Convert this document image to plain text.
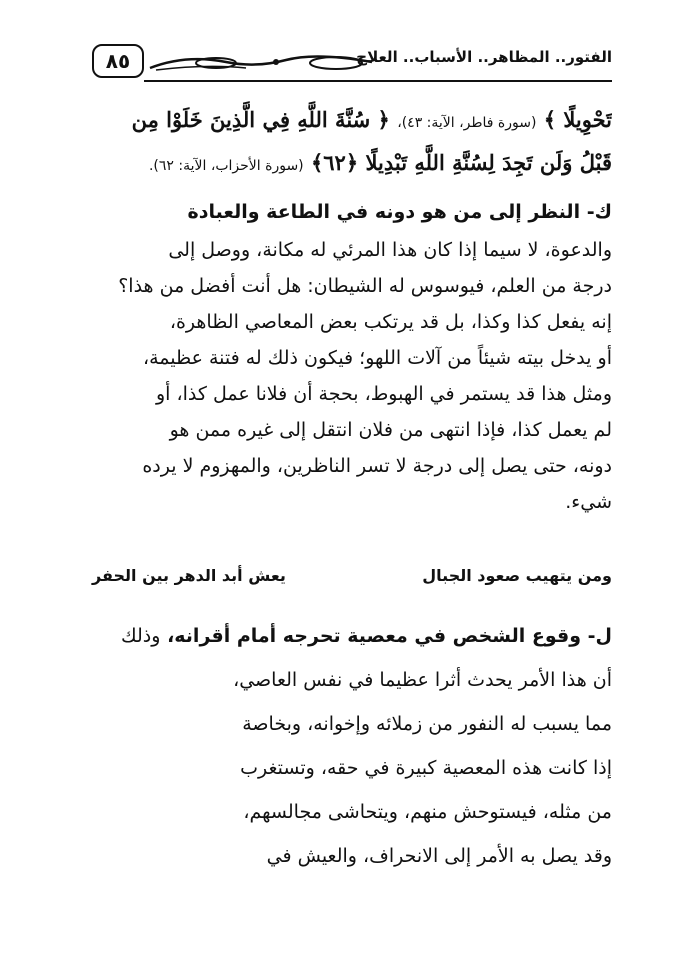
٨٥	الفتور.. المظاهر.. الأسباب.. العلاج
تَحْوِيلًا ﴾ (سورة فاطر، الآية: ٤٣)، ﴿ سُنَّةَ اللَّهِ فِي الَّذِينَ خَلَوْا مِن
قَبْلُ وَلَن تَجِدَ لِسُنَّةِ اللَّهِ تَبْدِيلًا ﴿٦٢﴾ (سورة الأحزاب، الآية: ٦٢).
ك- النظر إلى من هو دونه في الطاعة والعبادة
والدعوة، لا سيما إذا كان هذا المرئي له مكانة، ووصل إلى
درجة من العلم، فيوسوس له الشيطان: هل أنت أفضل من هذا؟
إنه يفعل كذا وكذا، بل قد يرتكب بعض المعاصي الظاهرة،
أو يدخل بيته شيئاً من آلات اللهو؛ فيكون ذلك له فتنة عظيمة،
ومثل هذا قد يستمر في الهبوط، بحجة أن فلانا عمل كذا، أو
لم يعمل كذا، فإذا انتهى من فلان انتقل إلى غيره ممن هو
دونه، حتى يصل إلى درجة لا تسر الناظرين، والمهزوم لا يرده
شيء.
ومن يتهيب صعود الجبال
يعش أبد الدهر بين الحفر
ل- وقوع الشخص في معصية تحرجه أمام أقرانه، وذلك
أن هذا الأمر يحدث أثرا عظيما في نفس العاصي،
مما يسبب له النفور من زملائه وإخوانه، وبخاصة
إذا كانت هذه المعصية كبيرة في حقه، وتستغرب
من مثله، فيستوحش منهم، ويتحاشى مجالسهم،
وقد يصل به الأمر إلى الانحراف، والعيش في
